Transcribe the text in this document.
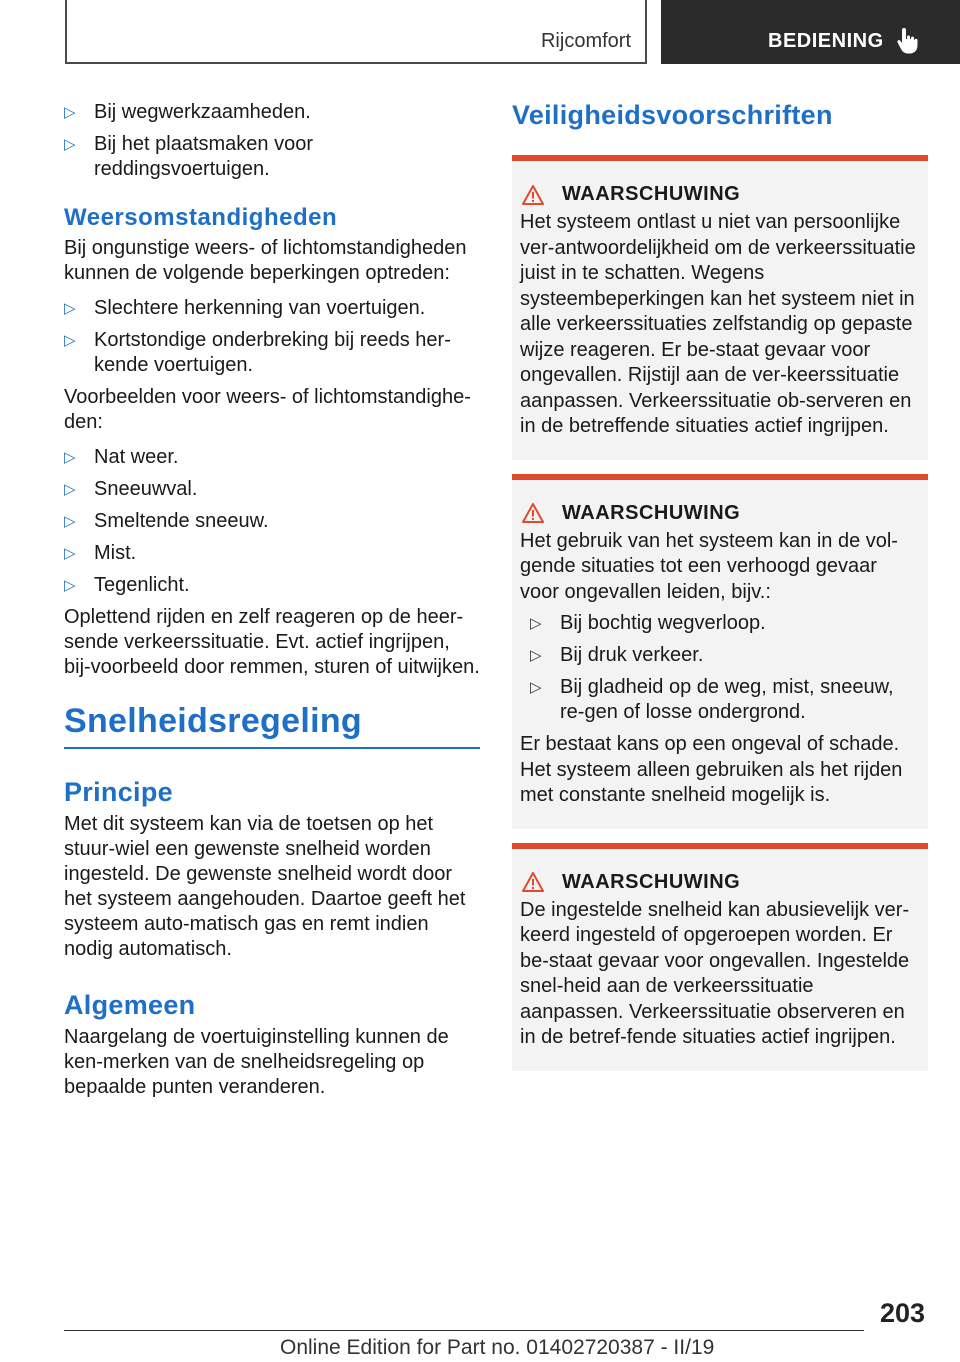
Rijcomfort	BEDIENING
▷ Bij wegwerkzaamheden.
▷ Bij het plaatsmaken voor reddingsvoertuigen.
Weersomstandigheden

Bij ongunstige weers- of lichtomstandigheden kunnen de volgende beperkingen optreden:

▷ Slechtere herkenning van voertuigen.
▷ Kortstondige onderbreking bij reeds her-kende voertuigen.

Voorbeelden voor weers- of lichtomstandighe-den:

▷ Nat weer.
▷ Sneeuwval.
▷ Smeltende sneeuw.
▷ Mist.
▷ Tegenlicht.

Oplettend rijden en zelf reageren op de heer-sende verkeerssituatie. Evt. actief ingrijpen, bij-voorbeeld door remmen, sturen of uitwijken.

Snelheidsregeling
Principe

Met dit systeem kan via de toetsen op het stuur-wiel een gewenste snelheid worden ingesteld. De gewenste snelheid wordt door het systeem aangehouden. Daartoe geeft het systeem auto-matisch gas en remt indien nodig automatisch.

Algemeen

Naargelang de voertuiginstelling kunnen de ken-merken van de snelheidsregeling op bepaalde punten veranderen.

Veiligheidsvoorschriften
WAARSCHUWING

Het systeem ontlast u niet van persoonlijke ver-antwoordelijkheid om de verkeerssituatie juist in te schatten. Wegens systeembeperkingen kan het systeem niet in alle verkeerssituaties zelfstandig op gepaste wijze reageren. Er be-staat gevaar voor ongevallen. Rijstijl aan de ver-keerssituatie aanpassen. Verkeerssituatie ob-serveren en in de betreffende situaties actief ingrijpen.

WAARSCHUWING

Het gebruik van het systeem kan in de vol-gende situaties tot een verhoogd gevaar voor ongevallen leiden, bijv.:

▷ Bij bochtig wegverloop.
▷ Bij druk verkeer.
▷ Bij gladheid op de weg, mist, sneeuw, re-gen of losse ondergrond.

Er bestaat kans op een ongeval of schade. Het systeem alleen gebruiken als het rijden met constante snelheid mogelijk is.

WAARSCHUWING

De ingestelde snelheid kan abusievelijk ver-keerd ingesteld of opgeroepen worden. Er be-staat gevaar voor ongevallen. Ingestelde snel-heid aan de verkeerssituatie aanpassen. Verkeerssituatie observeren en in de betref-fende situaties actief ingrijpen.

203
Online Edition for Part no. 01402720387 - II/19
